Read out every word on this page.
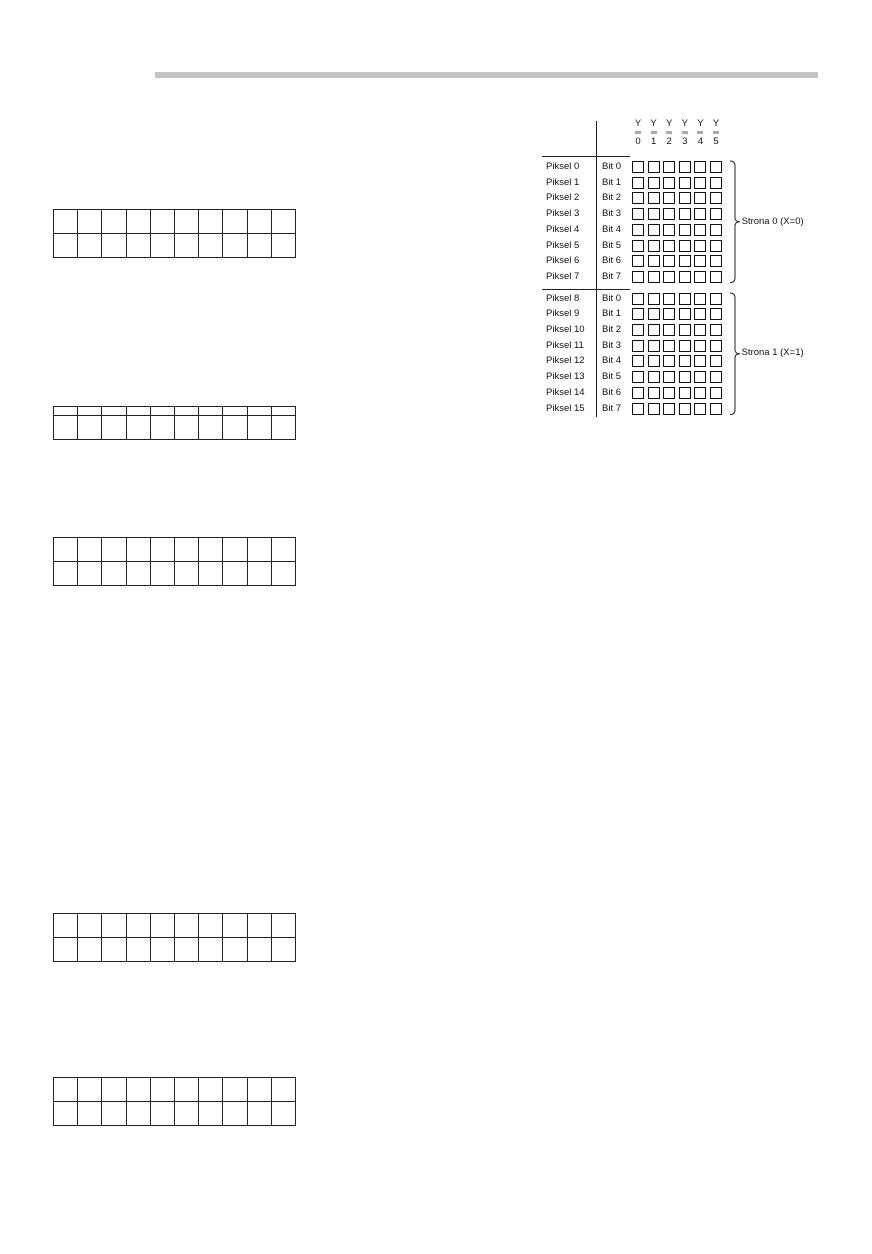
Y
0
Y
1
Y
2
Y
3
Y
4
Y
5
Piksel 0 Bit 0
Piksel 1 Bit 1
Piksel 2 Bit 2
Piksel 3 Bit 3
Piksel 4 Bit 4
Piksel 5 Bit 5
Piksel 6 Bit 6
Piksel 7 Bit 7
Piksel 8 Bit 0
Piksel 9 Bit 1
Piksel 10 Bit 2
Piksel 11 Bit 3
Piksel 12 Bit 4
Piksel 13 Bit 5
Piksel 14 Bit 6
Piksel 15 Bit 7
Strona 0 (X=0)
Strona 1 (X=1)
